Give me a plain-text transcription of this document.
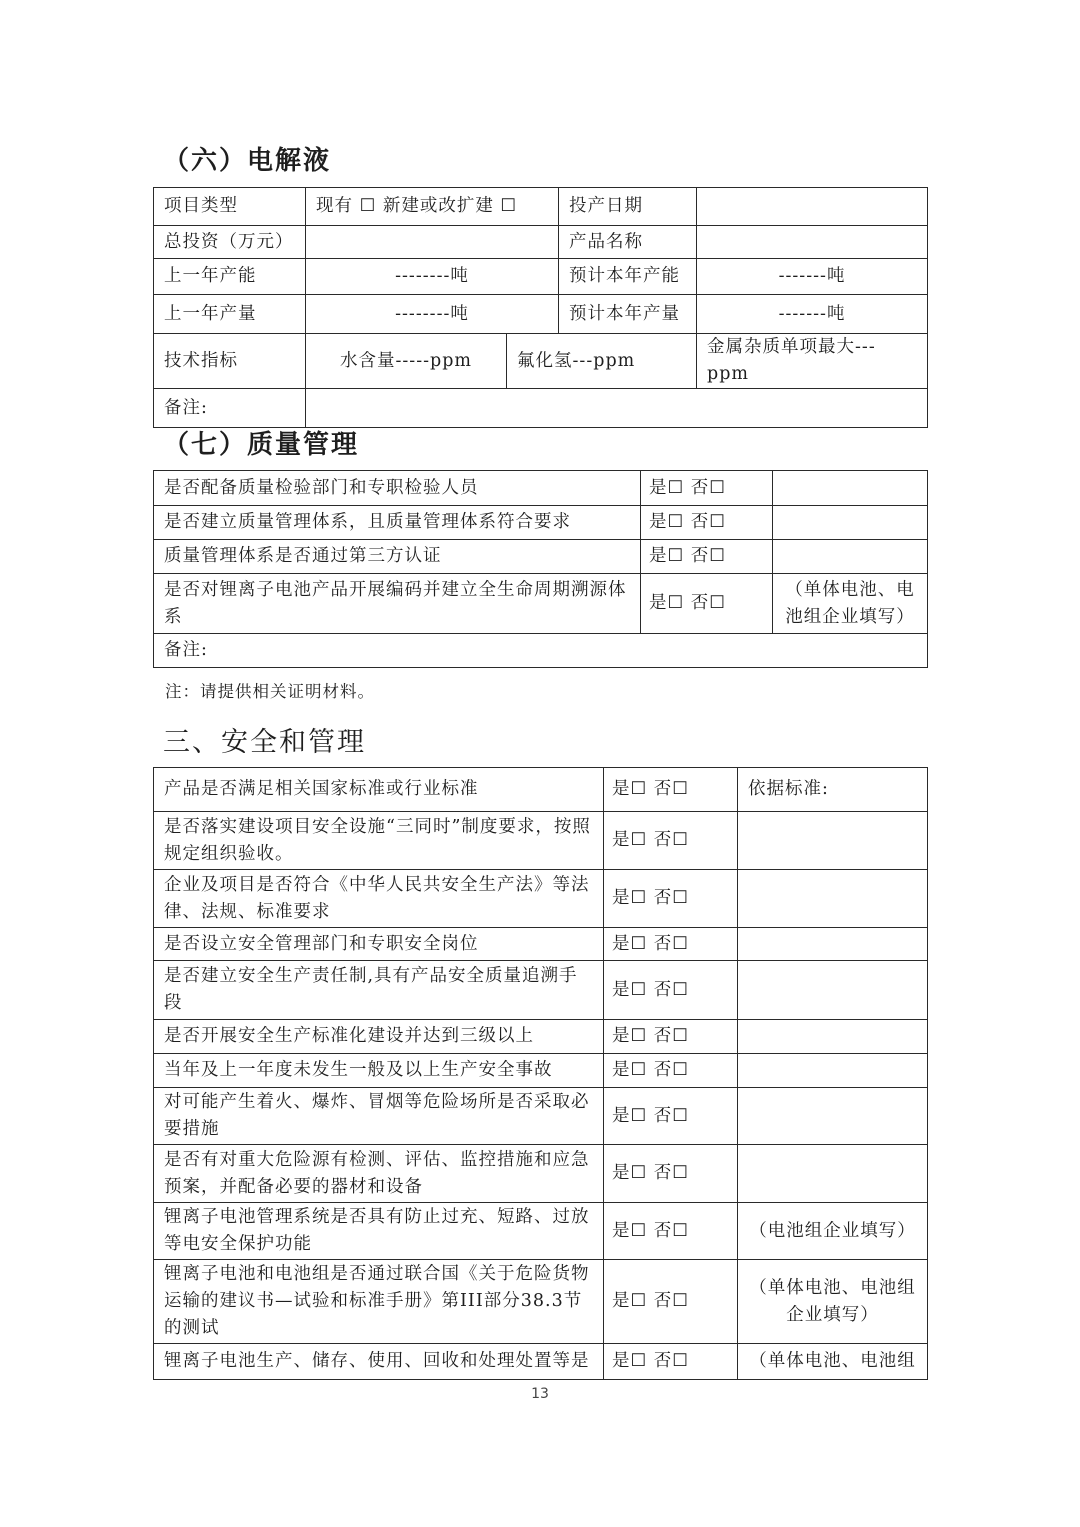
（六）电解液
项目类型	现有 ☐ 新建或改扩建 ☐		投产日期	
总投资（万元）			产品名称	
上一年产能	--------吨		预计本年产能	-------吨
上一年产量	--------吨		预计本年产量	-------吨
技术指标	水含量-----ppm	氟化氢---ppm		金属杂质单项最大---ppm
备注:				
（七）质量管理
是否配备质量检验部门和专职检验人员	是☐ 否☐	
是否建立质量管理体系，且质量管理体系符合要求	是☐ 否☐	
质量管理体系是否通过第三方认证	是☐ 否☐	
是否对锂离子电池产品开展编码并建立全生命周期溯源体系	是☐ 否☐	（单体电池、电池组企业填写）
备注:		
注：请提供相关证明材料。
三、安全和管理
产品是否满足相关国家标准或行业标准	是☐ 否☐	依据标准:
是否落实建设项目安全设施“三同时”制度要求，按照规定组织验收。	是☐ 否☐	
企业及项目是否符合《中华人民共安全生产法》等法律、法规、标准要求	是☐ 否☐	
是否设立安全管理部门和专职安全岗位	是☐ 否☐	
是否建立安全生产责任制,具有产品安全质量追溯手段	是☐ 否☐	
是否开展安全生产标准化建设并达到三级以上	是☐ 否☐	
当年及上一年度未发生一般及以上生产安全事故	是☐ 否☐	
对可能产生着火、爆炸、冒烟等危险场所是否采取必要措施	是☐ 否☐	
是否有对重大危险源有检测、评估、监控措施和应急预案，并配备必要的器材和设备	是☐ 否☐	
锂离子电池管理系统是否具有防止过充、短路、过放等电安全保护功能	是☐ 否☐	（电池组企业填写）
锂离子电池和电池组是否通过联合国《关于危险货物运输的建议书—试验和标准手册》第III部分38.3节的测试	是☐ 否☐	（单体电池、电池组企业填写）
锂离子电池生产、储存、使用、回收和处理处置等是	是☐ 否☐	（单体电池、电池组
13
